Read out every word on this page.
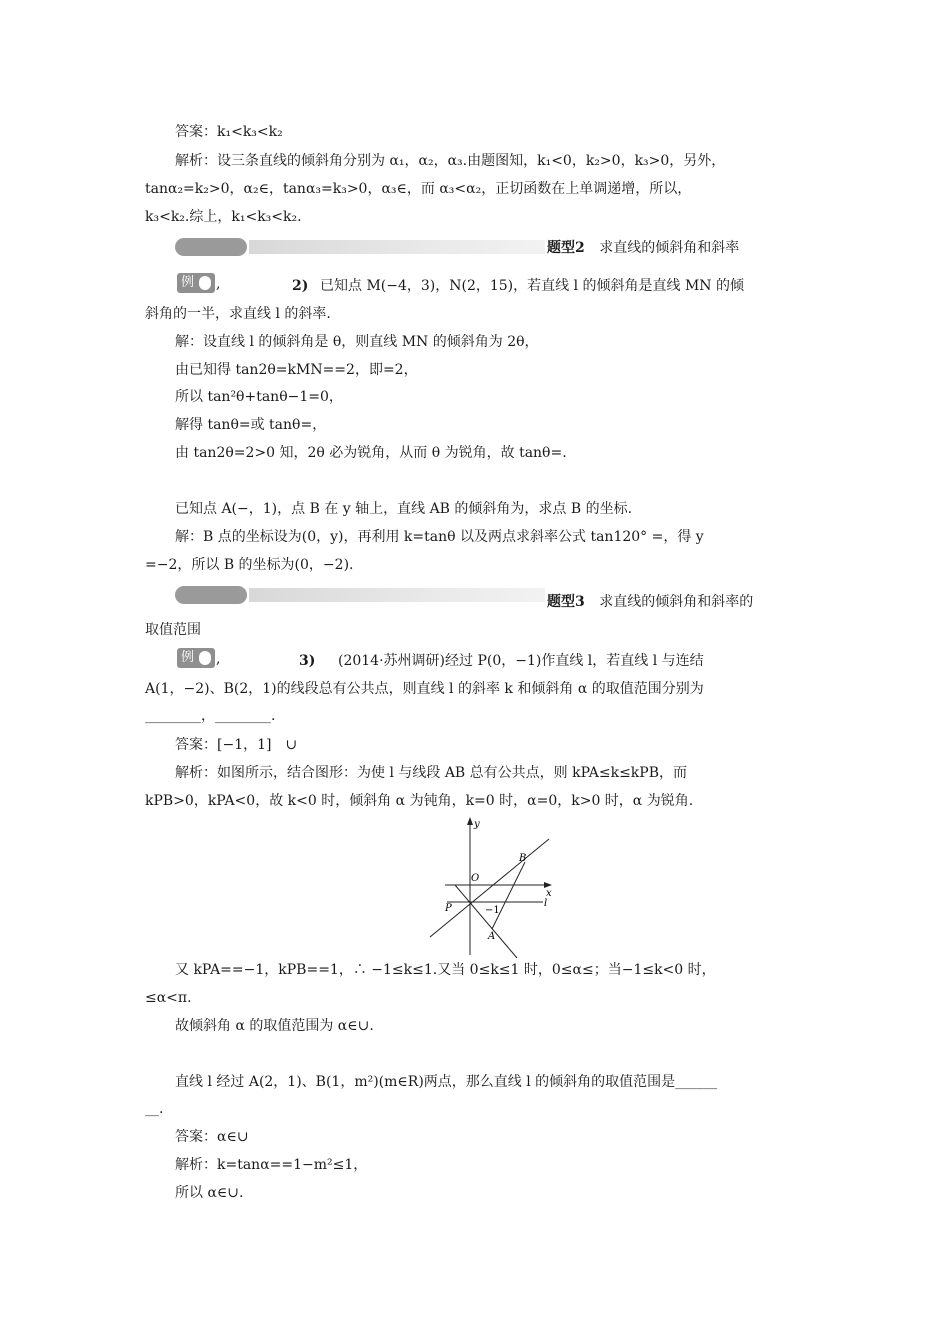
答案：k₁<k₃<k₂
解析：设三条直线的倾斜角分别为 α₁，α₂，α₃.由题图知，k₁<0，k₂>0，k₃>0，另外，
tanα₂=k₂>0，α₂∈，tanα₃=k₃>0，α₃∈，而 α₃<α₂，正切函数在上单调递增，所以，
k₃<k₂.综上，k₁<k₃<k₂.
题型2 求直线的倾斜角和斜率
例 ,	2) 已知点 M(−4，3)，N(2，15)，若直线 l 的倾斜角是直线 MN 的倾
斜角的一半，求直线 l 的斜率.
解：设直线 l 的倾斜角是 θ，则直线 MN 的倾斜角为 2θ，
由已知得 tan2θ=kMN==2，即=2，
所以 tan²θ+tanθ−1=0，
解得 tanθ=或 tanθ=，
由 tan2θ=2>0 知，2θ 必为锐角，从而 θ 为锐角，故 tanθ=.
已知点 A(−，1)，点 B 在 y 轴上，直线 AB 的倾斜角为，求点 B 的坐标.
解：B 点的坐标设为(0，y)，再利用 k=tanθ 以及两点求斜率公式 tan120° =，得 y
=−2，所以 B 的坐标为(0，−2).
题型3 求直线的倾斜角和斜率的
取值范围
例 ,	3) (2014·苏州调研)经过 P(0，−1)作直线 l，若直线 l 与连结
A(1，−2)、B(2，1)的线段总有公共点，则直线 l 的斜率 k 和倾斜角 α 的取值范围分别为
________，________.
答案：[−1，1]　∪
解析：如图所示，结合图形：为使 l 与线段 AB 总有公共点，则 kPA≤k≤kPB，而
kPB>0，kPA<0，故 k<0 时，倾斜角 α 为钝角，k=0 时，α=0，k>0 时，α 为锐角.
y
x
O
B
P	−1
l
A
又 kPA==−1，kPB==1，∴ −1≤k≤1.又当 0≤k≤1 时，0≤α≤；当−1≤k<0 时，
≤α<π.
故倾斜角 α 的取值范围为 α∈∪.
直线 l 经过 A(2，1)、B(1，m²)(m∈R)两点，那么直线 l 的倾斜角的取值范围是______
__.
答案：α∈∪
解析：k=tanα==1−m²≤1，
所以 α∈∪.
